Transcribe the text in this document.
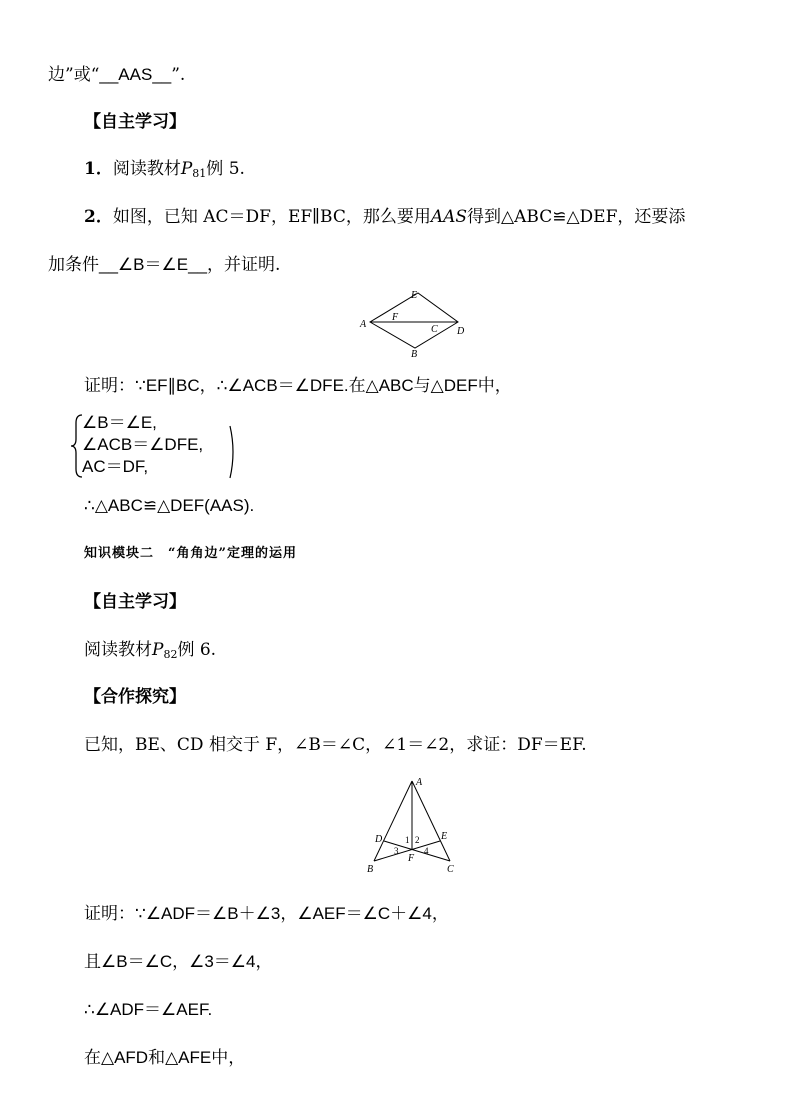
边”或“__AAS__”.
【自主学习】
1．阅读教材$P_{81}$例 5.
2．如图，已知 AC＝DF，EF∥BC，那么要用AAS得到△ABC≌△DEF，还要添
加条件__∠B＝∠E__，并证明.
E
A
F
C D
B
证明：∵EF∥BC，∴∠ACB＝∠DFE.在△ABC与△DEF中，
∠B＝∠E,
∠ACB＝∠DFE,
AC＝DF,
∴△ABC≌△DEF(AAS).
知识模块二　“角角边”定理的运用
【自主学习】
阅读教材$P_{82}$例 6.
【合作探究】
已知，BE、CD 相交于 F，∠B＝∠C，∠1＝∠2，求证：DF＝EF.
A
D	E
1 2
3	4
F
B	C
证明：∵∠ADF＝∠B＋∠3，∠AEF＝∠C＋∠4，
且∠B＝∠C，∠3＝∠4，
∴∠ADF＝∠AEF.
在△AFD和△AFE中，
